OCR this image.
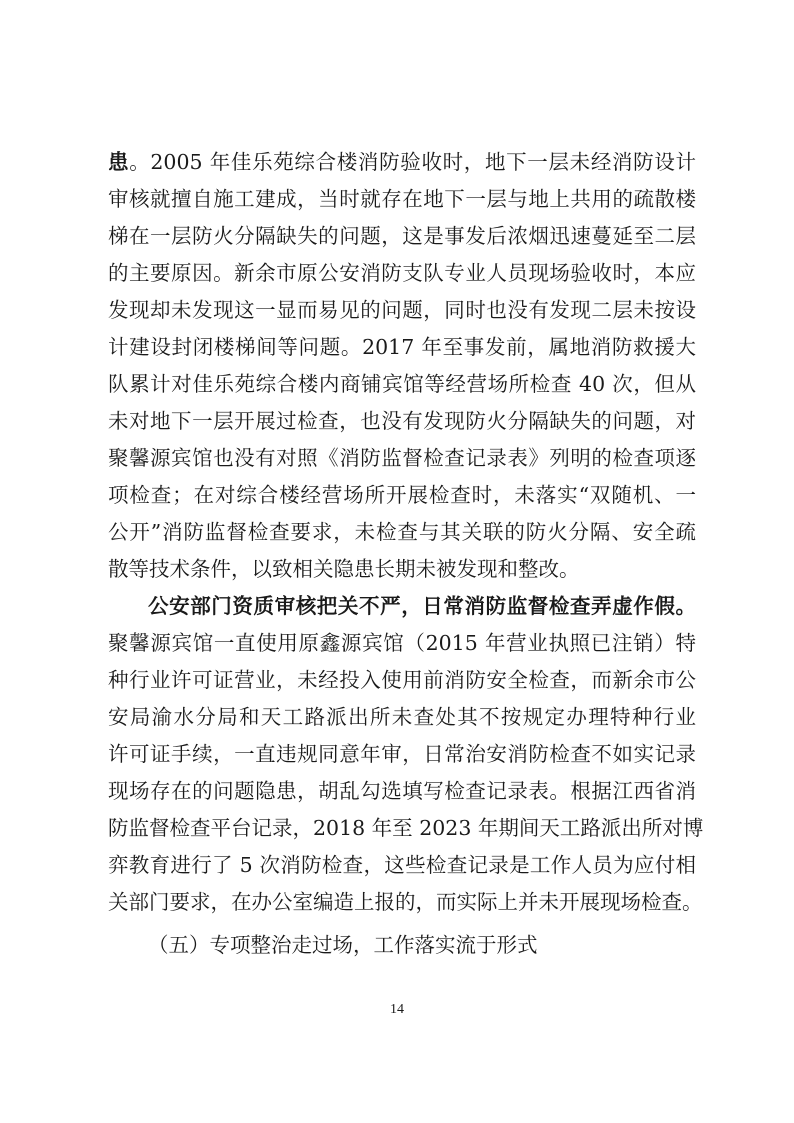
患。2005 年佳乐苑综合楼消防验收时，地下一层未经消防设计
审核就擅自施工建成，当时就存在地下一层与地上共用的疏散楼
梯在一层防火分隔缺失的问题，这是事发后浓烟迅速蔓延至二层
的主要原因。新余市原公安消防支队专业人员现场验收时，本应
发现却未发现这一显而易见的问题，同时也没有发现二层未按设
计建设封闭楼梯间等问题。2017 年至事发前，属地消防救援大
队累计对佳乐苑综合楼内商铺宾馆等经营场所检查 40 次，但从
未对地下一层开展过检查，也没有发现防火分隔缺失的问题，对
聚馨源宾馆也没有对照《消防监督检查记录表》列明的检查项逐
项检查；在对综合楼经营场所开展检查时，未落实“双随机、一
公开”消防监督检查要求，未检查与其关联的防火分隔、安全疏
散等技术条件，以致相关隐患长期未被发现和整改。
公安部门资质审核把关不严，日常消防监督检查弄虚作假。
聚馨源宾馆一直使用原鑫源宾馆（2015 年营业执照已注销）特
种行业许可证营业，未经投入使用前消防安全检查，而新余市公
安局渝水分局和天工路派出所未查处其不按规定办理特种行业
许可证手续，一直违规同意年审，日常治安消防检查不如实记录
现场存在的问题隐患，胡乱勾选填写检查记录表。根据江西省消
防监督检查平台记录，2018 年至 2023 年期间天工路派出所对博
弈教育进行了 5 次消防检查，这些检查记录是工作人员为应付相
关部门要求，在办公室编造上报的，而实际上并未开展现场检查。
（五）专项整治走过场，工作落实流于形式
14
